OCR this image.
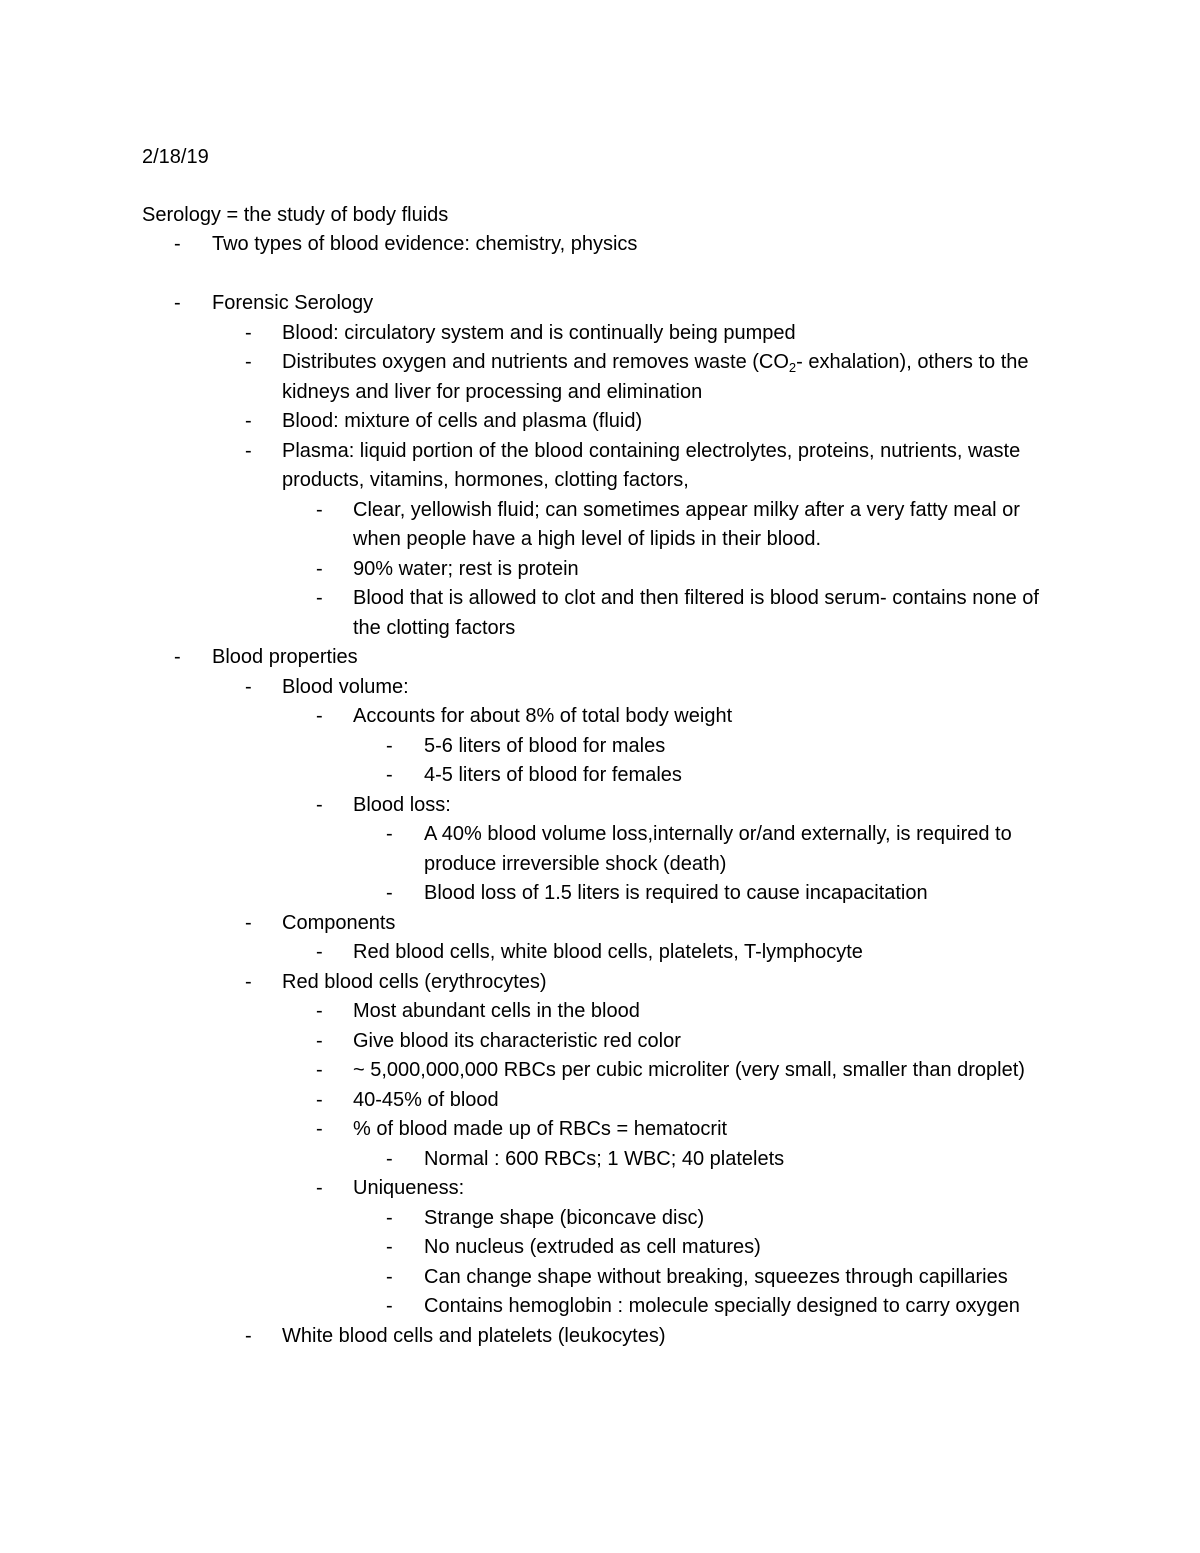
2/18/19
Serology = the study of body fluids
-	Two types of blood evidence: chemistry, physics
-	Forensic Serology
-	Blood: circulatory system and is continually being pumped
-	Distributes oxygen and nutrients and removes waste ($CO_2-$ exhalation), others to the kidneys and liver for processing and elimination
-	Blood: mixture of cells and plasma (fluid)
-	Plasma: liquid portion of the blood containing electrolytes, proteins, nutrients, waste products, vitamins, hormones, clotting factors,
-	Clear, yellowish fluid; can sometimes appear milky after a very fatty meal or when people have a high level of lipids in their blood.
-	90% water; rest is protein
-	Blood that is allowed to clot and then filtered is blood serum- contains none of the clotting factors
-	Blood properties
-	Blood volume:
-	Accounts for about 8% of total body weight
-	5-6 liters of blood for males
-	4-5 liters of blood for females
-	Blood loss:
-	A 40% blood volume loss,internally or/and externally, is required to produce irreversible shock (death)
-	Blood loss of 1.5 liters is required to cause incapacitation
-	Components
-	Red blood cells, white blood cells, platelets, T-lymphocyte
-	Red blood cells (erythrocytes)
-	Most abundant cells in the blood
-	Give blood its characteristic red color
-	~ 5,000,000,000 RBCs per cubic microliter (very small, smaller than droplet)
-	40-45% of blood
-	% of blood made up of RBCs = hematocrit
-	Normal : 600 RBCs; 1 WBC; 40 platelets
-	Uniqueness:
-	Strange shape (biconcave disc)
-	No nucleus (extruded as cell matures)
-	Can change shape without breaking, squeezes through capillaries
-	Contains hemoglobin : molecule specially designed to carry oxygen
-	White blood cells and platelets (leukocytes)
